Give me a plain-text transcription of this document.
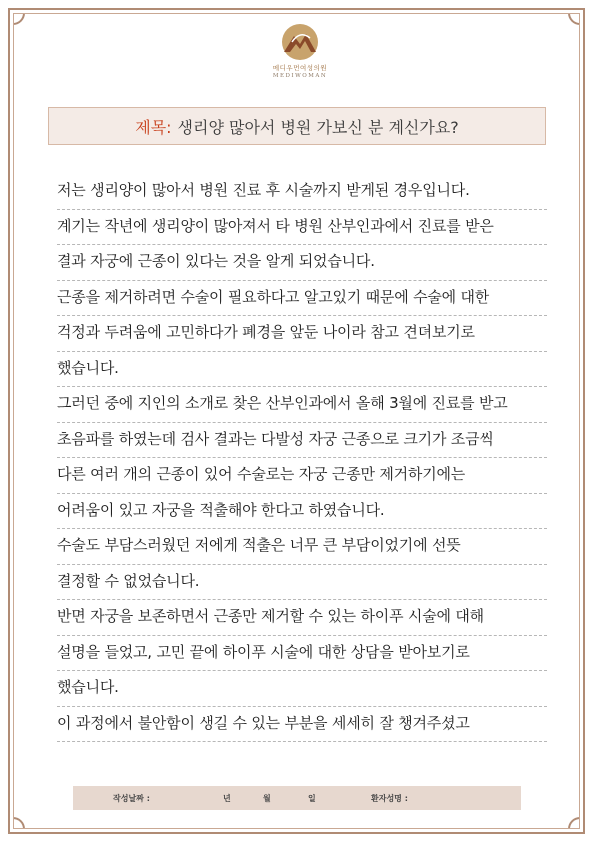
메디우먼여성의원
MEDIWOMAN
제목: 생리양 많아서 병원 가보신 분 계신가요?
저는 생리양이 많아서 병원 진료 후 시술까지 받게된 경우입니다.
계기는 작년에 생리양이 많아져서 타 병원 산부인과에서 진료를 받은
결과 자궁에 근종이 있다는 것을 알게 되었습니다.
근종을 제거하려면 수술이 필요하다고 알고있기 때문에 수술에 대한
걱정과 두려움에 고민하다가 폐경을 앞둔 나이라 참고 견뎌보기로
했습니다.
그러던 중에 지인의 소개로 찾은 산부인과에서 올해 3월에 진료를 받고
초음파를 하였는데 검사 결과는 다발성 자궁 근종으로 크기가 조금씩
다른 여러 개의 근종이 있어 수술로는 자궁 근종만 제거하기에는
어려움이 있고 자궁을 적출해야 한다고 하였습니다.
수술도 부담스러웠던 저에게 적출은 너무 큰 부담이었기에 선뜻
결정할 수 없었습니다.
반면 자궁을 보존하면서 근종만 제거할 수 있는 하이푸 시술에 대해
설명을 들었고, 고민 끝에 하이푸 시술에 대한 상담을 받아보기로
했습니다.
이 과정에서 불안함이 생길 수 있는 부분을 세세히 잘 챙겨주셨고
작성날짜 :	년	월	일	환자성명 :
